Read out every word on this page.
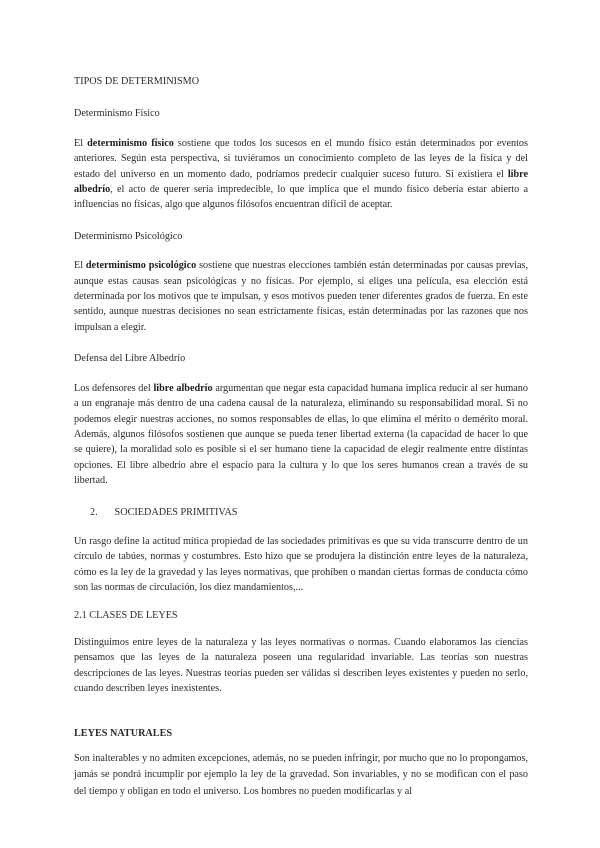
TIPOS DE DETERMINISMO

Determinismo Físico

El determinismo físico sostiene que todos los sucesos en el mundo físico están determinados por eventos anteriores. Según esta perspectiva, si tuviéramos un conocimiento completo de las leyes de la física y del estado del universo en un momento dado, podríamos predecir cualquier suceso futuro. Si existiera el libre albedrío, el acto de querer sería impredecible, lo que implica que el mundo físico debería estar abierto a influencias no físicas, algo que algunos filósofos encuentran difícil de aceptar.

Determinismo Psicológico

El determinismo psicológico sostiene que nuestras elecciones también están determinadas por causas previas, aunque estas causas sean psicológicas y no físicas. Por ejemplo, si eliges una película, esa elección está determinada por los motivos que te impulsan, y esos motivos pueden tener diferentes grados de fuerza. En este sentido, aunque nuestras decisiones no sean estrictamente físicas, están determinadas por las razones que nos impulsan a elegir.

Defensa del Libre Albedrío

Los defensores del libre albedrío argumentan que negar esta capacidad humana implica reducir al ser humano a un engranaje más dentro de una cadena causal de la naturaleza, eliminando su responsabilidad moral. Si no podemos elegir nuestras acciones, no somos responsables de ellas, lo que elimina el mérito o demérito moral. Además, algunos filósofos sostienen que aunque se pueda tener libertad externa (la capacidad de hacer lo que se quiere), la moralidad solo es posible si el ser humano tiene la capacidad de elegir realmente entre distintas opciones. El libre albedrío abre el espacio para la cultura y lo que los seres humanos crean a través de su libertad.

2. SOCIEDADES PRIMITIVAS

Un rasgo define la actitud mítica propiedad de las sociedades primitivas es que su vida transcurre dentro de un círculo de tabúes, normas y costumbres. Esto hizo que se produjera la distinción entre leyes de la naturaleza, cómo es la ley de la gravedad y las leyes normativas, que prohíben o mandan ciertas formas de conducta cómo son las normas de circulación, los diez mandamientos,...

2.1 CLASES DE LEYES

Distinguimos entre leyes de la naturaleza y las leyes normativas o normas. Cuando elaboramos las ciencias pensamos que las leyes de la naturaleza poseen una regularidad invariable. Las teorías son nuestras descripciones de las leyes. Nuestras teorías pueden ser válidas si describen leyes existentes y pueden no serlo, cuando describen leyes inexistentes.

LEYES NATURALES

Son inalterables y no admiten excepciones, además, no se pueden infringir, por mucho que no lo propongamos, jamás se pondrá incumplir por ejemplo la ley de la gravedad. Son invariables, y no se modifican con el paso del tiempo y obligan en todo el universo. Los hombres no pueden modificarlas y al
